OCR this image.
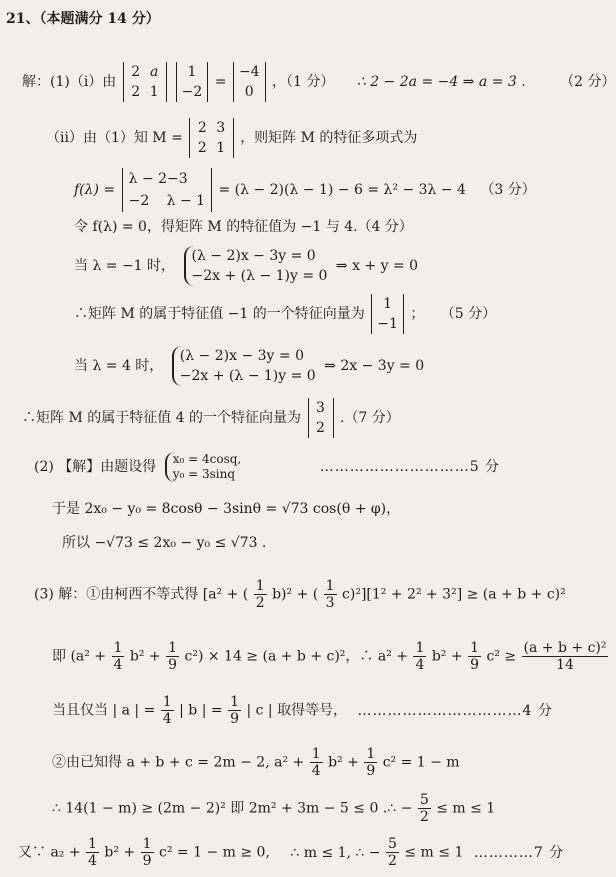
21、（本题满分 14 分）
解：(1)（ⅰ）由
2 a
2 1

1
−2
=
−4
0
，（1 分） ∴ 2 − 2a = −4 ⇒ a = 3 . （2 分）
（ⅱ）由（1）知 M =
2 3
2 1
，则矩阵 M 的特征多项式为
f(λ) =
λ − 2−3
−2 λ − 1
= (λ − 2)(λ − 1) − 6 = λ² − 3λ − 4 （3 分）
令 f(λ) = 0，得矩阵 M 的特征值为 −1 与 4.（4 分）
当 λ = −1 时，
(λ − 2)x − 3y = 0
−2x + (λ − 1)y = 0
⇒ x + y = 0
∴矩阵 M 的属于特征值 −1 的一个特征向量为
1
−1
； （5 分）
当 λ = 4 时，
(λ − 2)x − 3y = 0
−2x + (λ − 1)y = 0
⇒ 2x − 3y = 0
∴矩阵 M 的属于特征值 4 的一个特征向量为
3
2
.（7 分）
(2) 【解】由题设得 x₀ = 4cosq,
y₀ = 3sinq	…………………………5 分
于是 2x₀ − y₀ = 8cosθ − 3sinθ = √73 cos(θ + φ)，
所以 −√73 ≤ 2x₀ − y₀ ≤ √73 .
(3) 解：①由柯西不等式得 [a² + ( $\frac{1}{2} b)^2$ + ( $\frac{1}{3} c)^2][1^2 + 2^2 + 3^2] \ge (a + b + c)^2$
即 $(a^2 + \frac{1}{4} b^2 + \frac{1}{9} c^2) \times 14 \ge (a + b + c)^2$，∴ $a^2 + \frac{1}{4} b^2 + \frac{1}{9} c^2 \ge \frac{\text{(a + b + c)²}}{14}$
当且仅当 | a | = $\frac{1}{4}$ | b | = $\frac{1}{9}$ | c | 取得等号， ……………………………4 分
②由已知得 a + b + c = 2m − 2, $a^2 + \frac{1}{4} b^2 + \frac{1}{9} c^2 = 1 - m$
∴ 14(1 − m) ≥ (2m − 2)² 即 2m² + 3m − 5 ≤ 0 .∴ − $\frac{5}{2} \le m \le 1$
又∵ $a_2 + \frac{1}{4} b^2 + \frac{1}{9} c^2 = 1 - m \ge 0$, ∴ m ≤ 1, ∴ − $\frac{5}{2} \le m \le 1$ …………7 分
